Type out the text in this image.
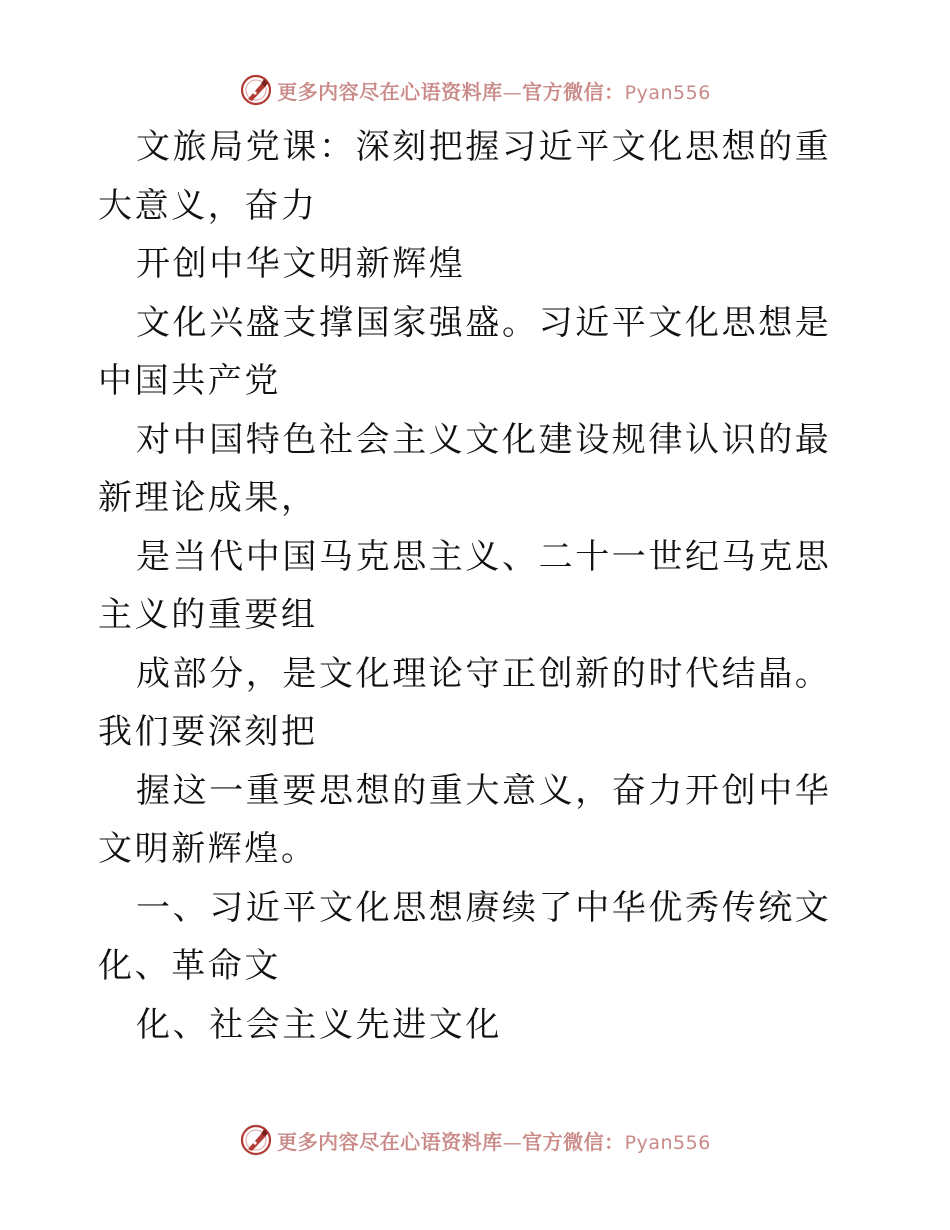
更多内容尽在心语资料库—官方微信：Pyan556

文旅局党课：深刻把握习近平文化思想的重大意义，奋力

开创中华文明新辉煌

文化兴盛支撑国家强盛。习近平文化思想是中国共产党

对中国特色社会主义文化建设规律认识的最新理论成果，

是当代中国马克思主义、二十一世纪马克思主义的重要组

成部分，是文化理论守正创新的时代结晶。我们要深刻把

握这一重要思想的重大意义，奋力开创中华文明新辉煌。

一、习近平文化思想赓续了中华优秀传统文化、革命文

化、社会主义先进文化

更多内容尽在心语资料库—官方微信：Pyan556
